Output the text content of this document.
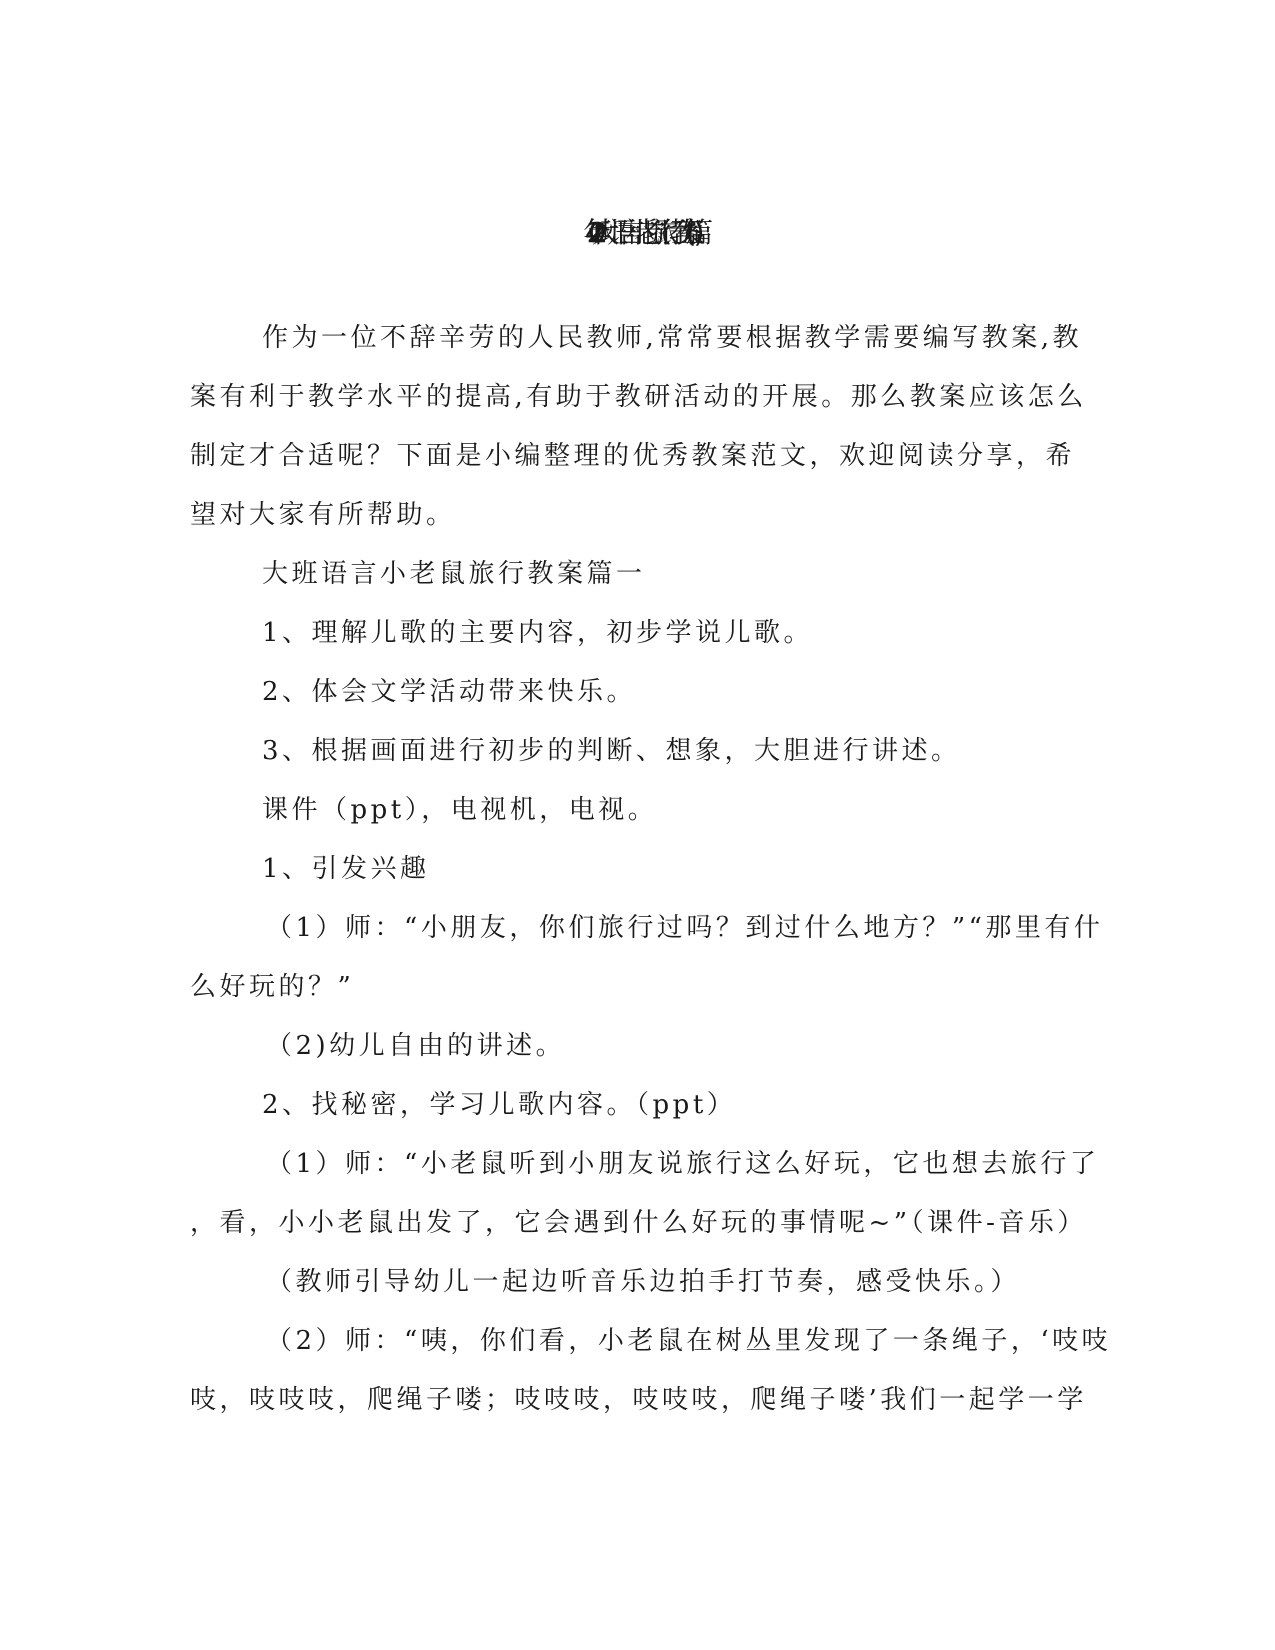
2024年大班语言小老鼠旅行教案(五篇)
作为一位不辞辛劳的人民教师,常常要根据教学需要编写教案,教
案有利于教学水平的提高,有助于教研活动的开展。那么教案应该怎么
制定才合适呢？下面是小编整理的优秀教案范文，欢迎阅读分享，希
望对大家有所帮助。
大班语言小老鼠旅行教案篇一
1、理解儿歌的主要内容，初步学说儿歌。
2、体会文学活动带来快乐。
3、根据画面进行初步的判断、想象，大胆进行讲述。
课件（ppt），电视机，电视。
1、引发兴趣
（1）师：“小朋友，你们旅行过吗？到过什么地方？”“那里有什
么好玩的？”
（2)幼儿自由的讲述。
2、找秘密，学习儿歌内容。（ppt）
（1）师：“小老鼠听到小朋友说旅行这么好玩，它也想去旅行了
，看，小小老鼠出发了，它会遇到什么好玩的事情呢~”（课件-音乐）
（教师引导幼儿一起边听音乐边拍手打节奏，感受快乐。）
（2）师：“咦，你们看，小老鼠在树丛里发现了一条绳子，‘吱吱
吱，吱吱吱，爬绳子喽；吱吱吱，吱吱吱，爬绳子喽’我们一起学一学
